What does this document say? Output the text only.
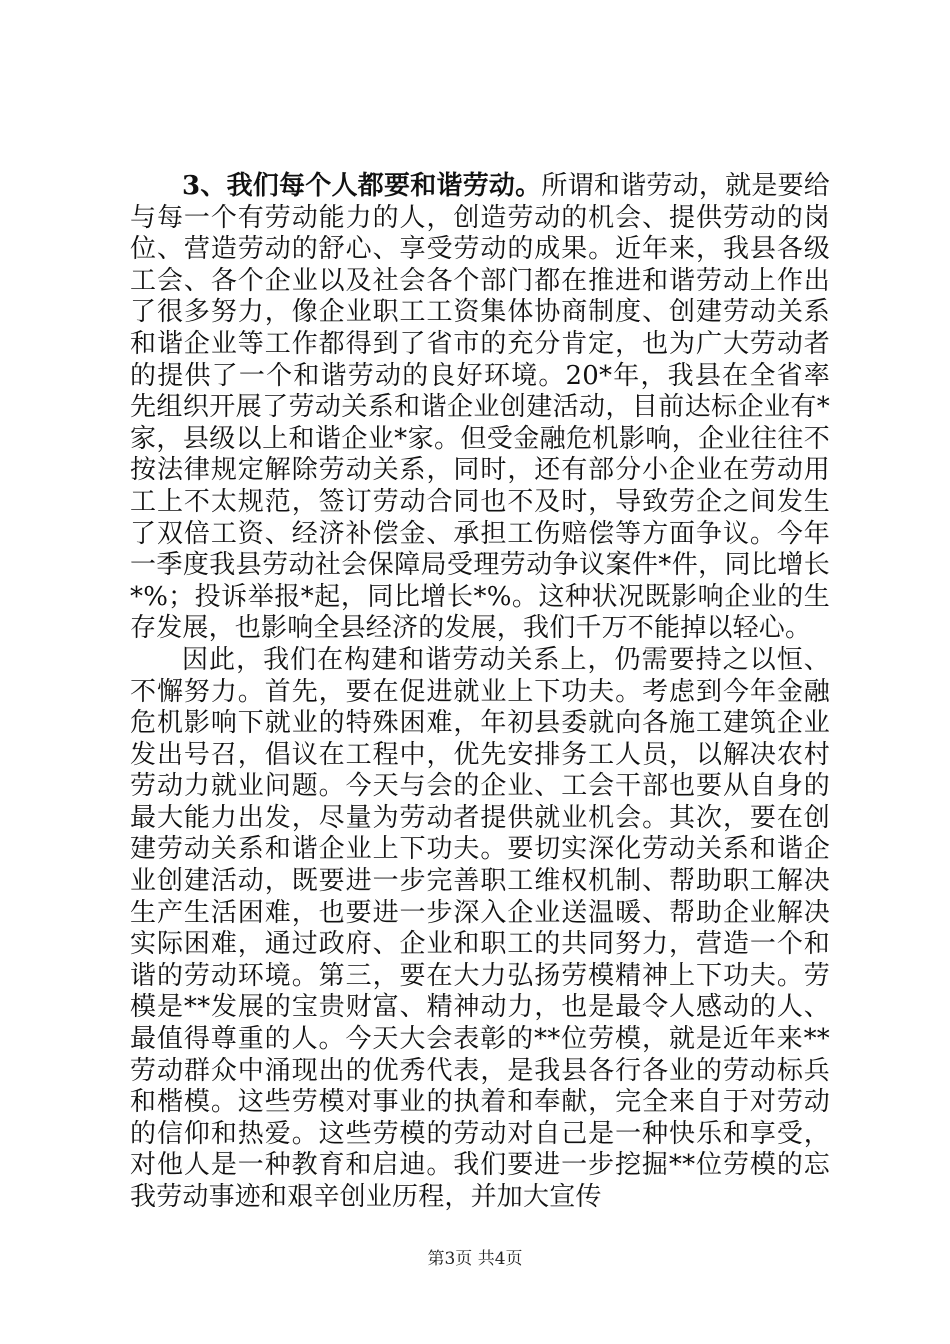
3、我们每个人都要和谐劳动。所谓和谐劳动，就是要给与每一个有劳动能力的人，创造劳动的机会、提供劳动的岗位、营造劳动的舒心、享受劳动的成果。近年来，我县各级工会、各个企业以及社会各个部门都在推进和谐劳动上作出了很多努力，像企业职工工资集体协商制度、创建劳动关系和谐企业等工作都得到了省市的充分肯定，也为广大劳动者的提供了一个和谐劳动的良好环境。20*年，我县在全省率先组织开展了劳动关系和谐企业创建活动，目前达标企业有*家，县级以上和谐企业*家。但受金融危机影响，企业往往不按法律规定解除劳动关系，同时，还有部分小企业在劳动用工上不太规范，签订劳动合同也不及时，导致劳企之间发生了双倍工资、经济补偿金、承担工伤赔偿等方面争议。今年一季度我县劳动社会保障局受理劳动争议案件*件，同比增长*%；投诉举报*起，同比增长*%。这种状况既影响企业的生存发展，也影响全县经济的发展，我们千万不能掉以轻心。

因此，我们在构建和谐劳动关系上，仍需要持之以恒、不懈努力。首先，要在促进就业上下功夫。考虑到今年金融危机影响下就业的特殊困难，年初县委就向各施工建筑企业发出号召，倡议在工程中，优先安排务工人员，以解决农村劳动力就业问题。今天与会的企业、工会干部也要从自身的最大能力出发，尽量为劳动者提供就业机会。其次，要在创建劳动关系和谐企业上下功夫。要切实深化劳动关系和谐企业创建活动，既要进一步完善职工维权机制、帮助职工解决生产生活困难，也要进一步深入企业送温暖、帮助企业解决实际困难，通过政府、企业和职工的共同努力，营造一个和谐的劳动环境。第三，要在大力弘扬劳模精神上下功夫。劳模是**发展的宝贵财富、精神动力，也是最令人感动的人、最值得尊重的人。今天大会表彰的**位劳模，就是近年来**劳动群众中涌现出的优秀代表，是我县各行各业的劳动标兵和楷模。这些劳模对事业的执着和奉献，完全来自于对劳动的信仰和热爱。这些劳模的劳动对自己是一种快乐和享受，对他人是一种教育和启迪。我们要进一步挖掘**位劳模的忘我劳动事迹和艰辛创业历程，并加大宣传

第3页 共4页
